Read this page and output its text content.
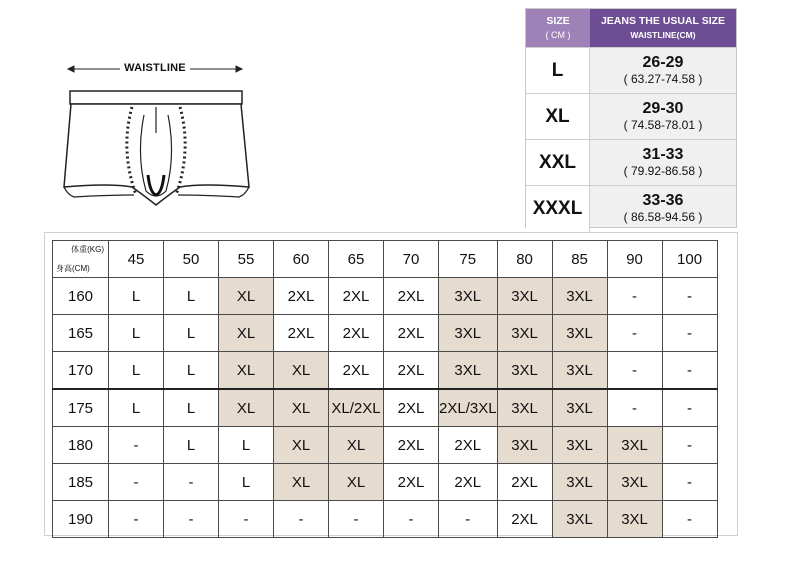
WAISTLINE
SIZE
( CM )
JEANS THE USUAL SIZE
WAISTLINE(CM)
L	26-29
( 63.27-74.58 )
XL	29-30
( 74.58-78.01 )
XXL	31-33
( 79.92-86.58 )
XXXL	33-36
( 86.58-94.56 )
体重(KG)
身高(CM)	45	50	55	60	65	70	75	80	85	90	100
160	L	L	XL	2XL	2XL	2XL	3XL	3XL	3XL	-	-
165	L	L	XL	2XL	2XL	2XL	3XL	3XL	3XL	-	-
170	L	L	XL	XL	2XL	2XL	3XL	3XL	3XL	-	-
175	L	L	XL	XL	XL/2XL	2XL	2XL/3XL	3XL	3XL	-	-
180	-	L	L	XL	XL	2XL	2XL	3XL	3XL	3XL	-
185	-	-	L	XL	XL	2XL	2XL	2XL	3XL	3XL	-
190	-	-	-	-	-	-	-	2XL	3XL	3XL	-
